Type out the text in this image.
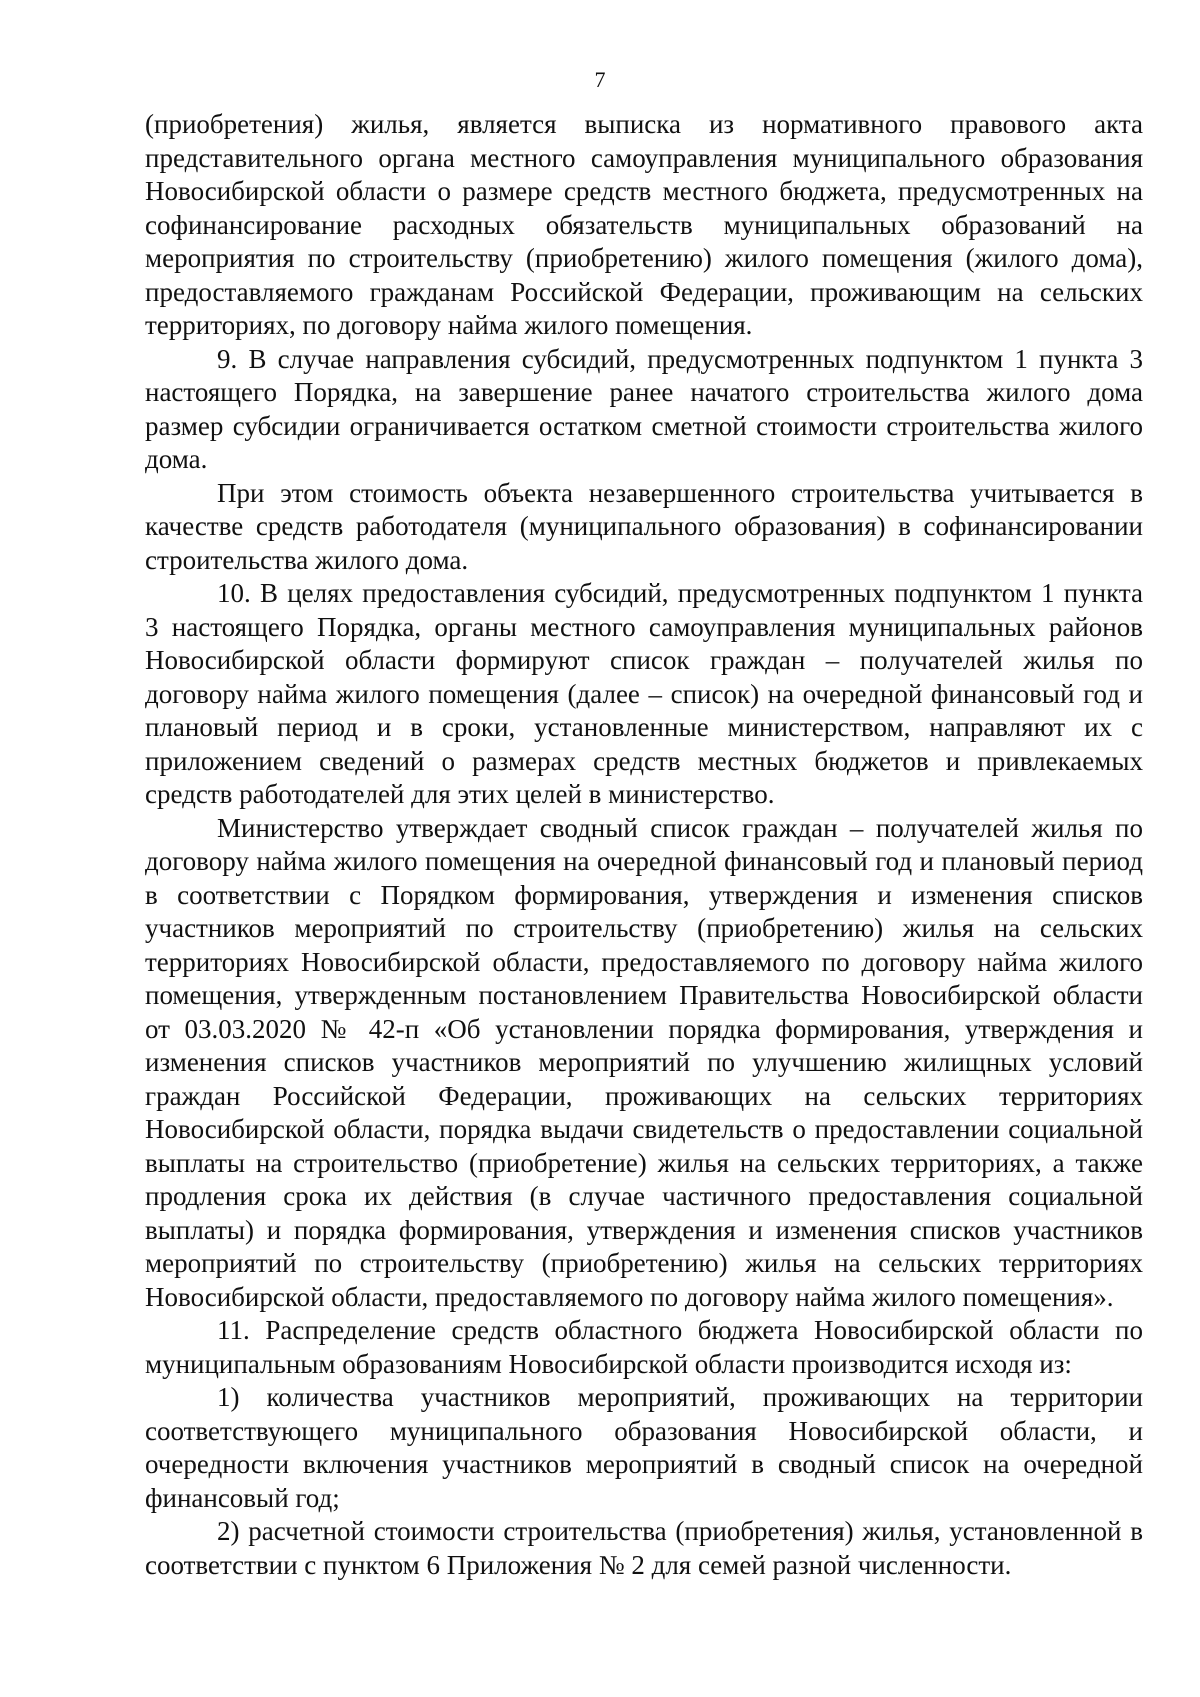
7

(приобретения) жилья, является выписка из нормативного правового акта представительного органа местного самоуправления муниципального образования Новосибирской области о размере средств местного бюджета, предусмотренных на софинансирование расходных обязательств муниципальных образований на мероприятия по строительству (приобретению) жилого помещения (жилого дома), предоставляемого гражданам Российской Федерации, проживающим на сельских территориях, по договору найма жилого помещения.

9. В случае направления субсидий, предусмотренных подпунктом 1 пункта 3 настоящего Порядка, на завершение ранее начатого строительства жилого дома размер субсидии ограничивается остатком сметной стоимости строительства жилого дома.

При этом стоимость объекта незавершенного строительства учитывается в качестве средств работодателя (муниципального образования) в софинансировании строительства жилого дома.

10. В целях предоставления субсидий, предусмотренных подпунктом 1 пункта 3 настоящего Порядка, органы местного самоуправления муниципальных районов Новосибирской области формируют список граждан – получателей жилья по договору найма жилого помещения (далее – список) на очередной финансовый год и плановый период и в сроки, установленные министерством, направляют их с приложением сведений о размерах средств местных бюджетов и привлекаемых средств работодателей для этих целей в министерство.

Министерство утверждает сводный список граждан – получателей жилья по договору найма жилого помещения на очередной финансовый год и плановый период в соответствии с Порядком формирования, утверждения и изменения списков участников мероприятий по строительству (приобретению) жилья на сельских территориях Новосибирской области, предоставляемого по договору найма жилого помещения, утвержденным постановлением Правительства Новосибирской области от 03.03.2020 № 42-п «Об установлении порядка формирования, утверждения и изменения списков участников мероприятий по улучшению жилищных условий граждан Российской Федерации, проживающих на сельских территориях Новосибирской области, порядка выдачи свидетельств о предоставлении социальной выплаты на строительство (приобретение) жилья на сельских территориях, а также продления срока их действия (в случае частичного предоставления социальной выплаты) и порядка формирования, утверждения и изменения списков участников мероприятий по строительству (приобретению) жилья на сельских территориях Новосибирской области, предоставляемого по договору найма жилого помещения».

11. Распределение средств областного бюджета Новосибирской области по муниципальным образованиям Новосибирской области производится исходя из:

1) количества участников мероприятий, проживающих на территории соответствующего муниципального образования Новосибирской области, и очередности включения участников мероприятий в сводный список на очередной финансовый год;

2) расчетной стоимости строительства (приобретения) жилья, установленной в соответствии с пунктом 6 Приложения № 2 для семей разной численности.
